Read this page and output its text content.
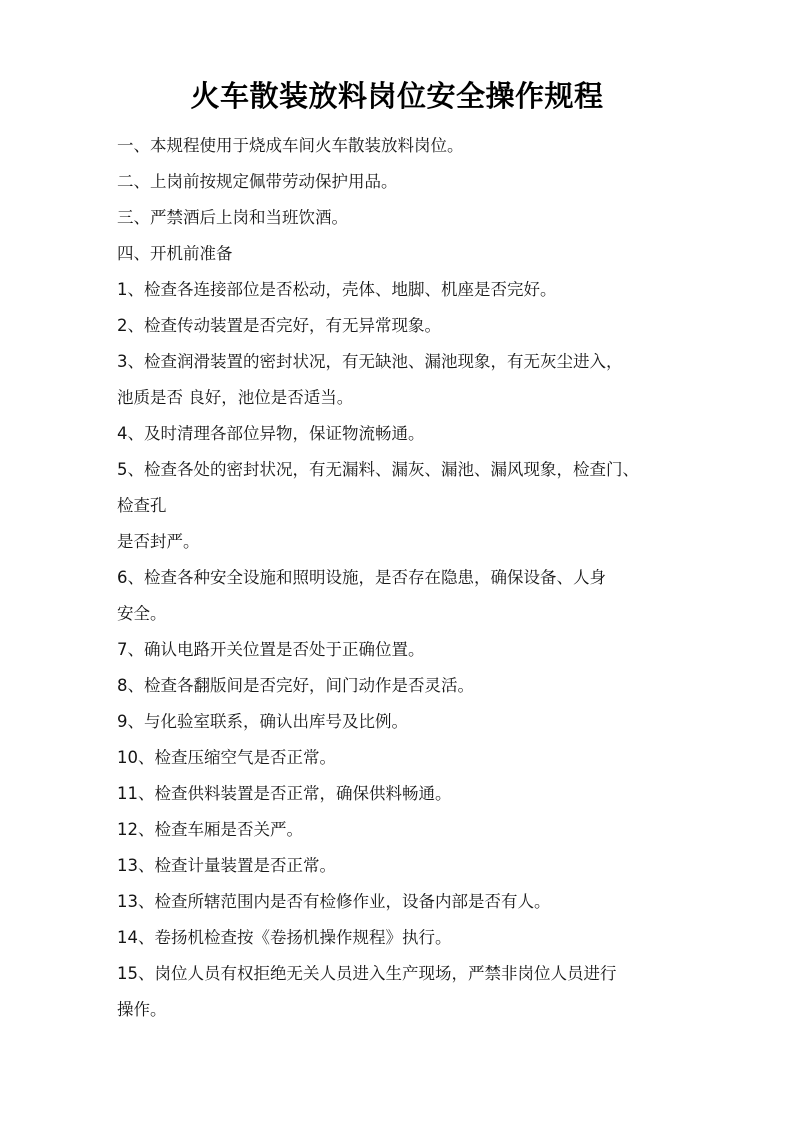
火车散装放料岗位安全操作规程
一、本规程使用于烧成车间火车散装放料岗位。
二、上岗前按规定佩带劳动保护用品。
三、严禁酒后上岗和当班饮酒。
四、开机前准备
1、检查各连接部位是否松动，壳体、地脚、机座是否完好。
2、检查传动装置是否完好，有无异常现象。
3、检查润滑装置的密封状况，有无缺池、漏池现象，有无灰尘进入，
池质是否 良好，池位是否适当。
4、及时清理各部位异物，保证物流畅通。
5、检查各处的密封状况，有无漏料、漏灰、漏池、漏风现象，检查门、
检查孔
是否封严。
6、检查各种安全设施和照明设施，是否存在隐患，确保设备、人身
安全。
7、确认电路开关位置是否处于正确位置。
8、检查各翻版间是否完好，间门动作是否灵活。
9、与化验室联系，确认出库号及比例。
10、检查压缩空气是否正常。
11、检查供料装置是否正常，确保供料畅通。
12、检查车厢是否关严。
13、检查计量装置是否正常。
13、检查所辖范围内是否有检修作业，设备内部是否有人。
14、卷扬机检查按《卷扬机操作规程》执行。
15、岗位人员有权拒绝无关人员进入生产现场，严禁非岗位人员进行
操作。
